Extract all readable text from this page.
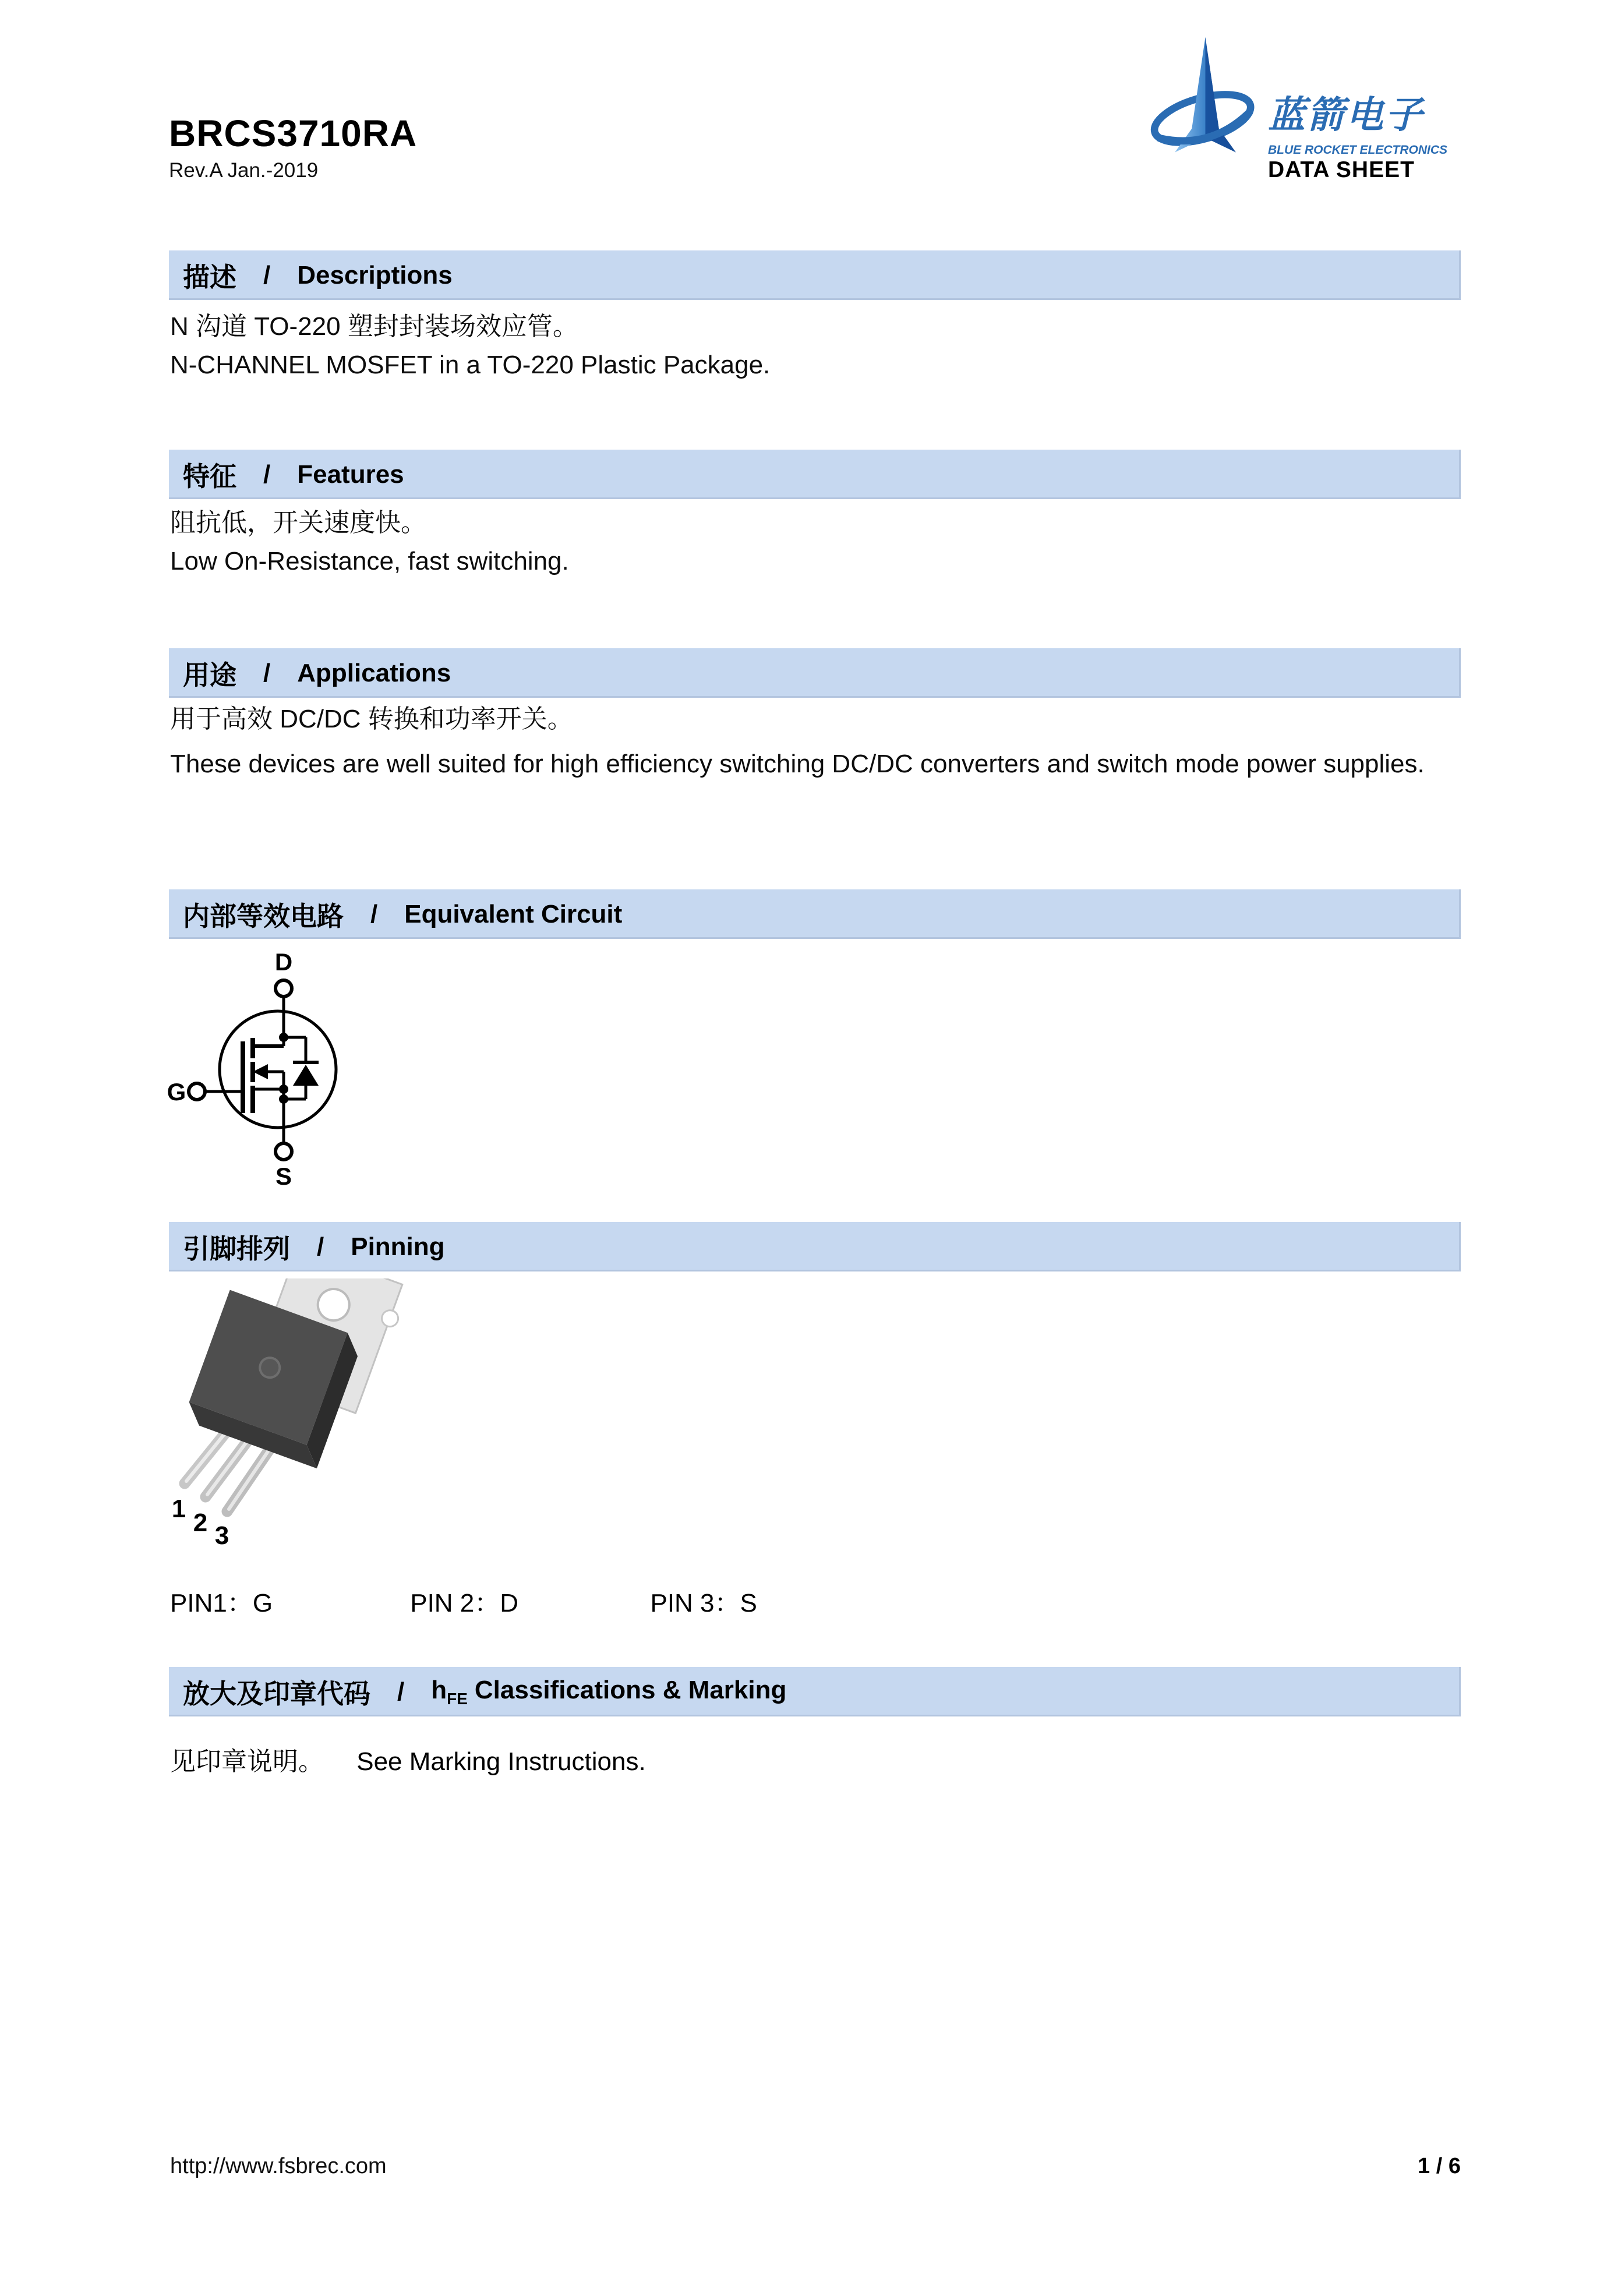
BRCS3710RA
Rev.A Jan.-2019
蓝箭电子
BLUE ROCKET ELECTRONICS
DATA SHEET
描述 / Descriptions
N 沟道 TO-220 塑封封装场效应管。
N-CHANNEL MOSFET in a TO-220 Plastic Package.
特征 / Features
阻抗低，开关速度快。
Low On-Resistance, fast switching.
用途 / Applications
用于高效 DC/DC 转换和功率开关。
These devices are well suited for high efficiency switching DC/DC converters and switch mode power supplies.
内部等效电路 / Equivalent Circuit
D
G
S
引脚排列 / Pinning
1 2 3
PIN1：G	PIN 2：D	PIN 3：S
放大及印章代码 / $h_{FE}$ Classifications & Marking
见印章说明。 See Marking Instructions.
http://www.fsbrec.com	1 / 6
